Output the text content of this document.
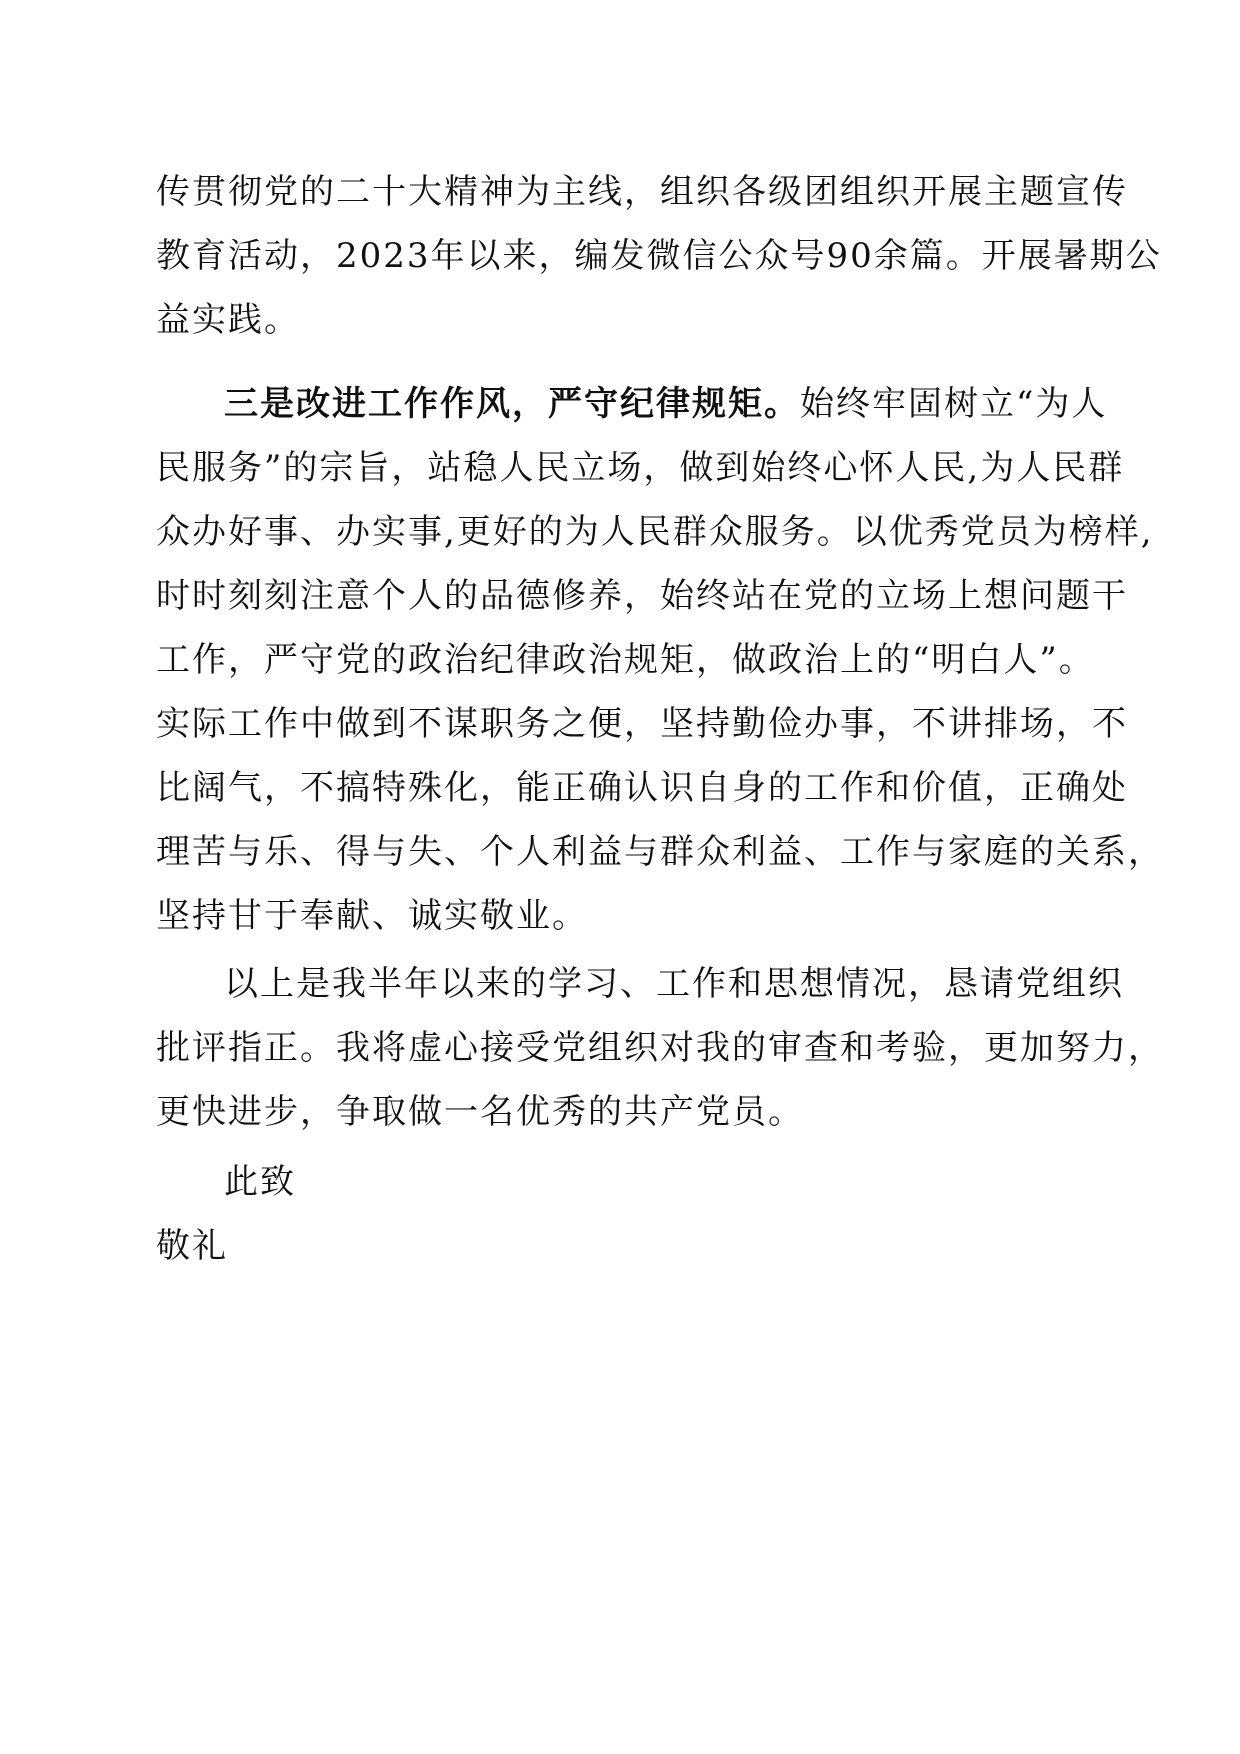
传贯彻党的二十大精神为主线，组织各级团组织开展主题宣传
教育活动，2023年以来，编发微信公众号90余篇。开展暑期公
益实践。
三是改进工作作风，严守纪律规矩。始终牢固树立“为人
民服务”的宗旨，站稳人民立场，做到始终心怀人民,为人民群
众办好事、办实事,更好的为人民群众服务。以优秀党员为榜样,
时时刻刻注意个人的品德修养，始终站在党的立场上想问题干
工作，严守党的政治纪律政治规矩，做政治上的“明白人”。
实际工作中做到不谋职务之便，坚持勤俭办事，不讲排场，不
比阔气，不搞特殊化，能正确认识自身的工作和价值，正确处
理苦与乐、得与失、个人利益与群众利益、工作与家庭的关系，
坚持甘于奉献、诚实敬业。
以上是我半年以来的学习、工作和思想情况，恳请党组织
批评指正。我将虚心接受党组织对我的审查和考验，更加努力，
更快进步，争取做一名优秀的共产党员。
此致
敬礼
